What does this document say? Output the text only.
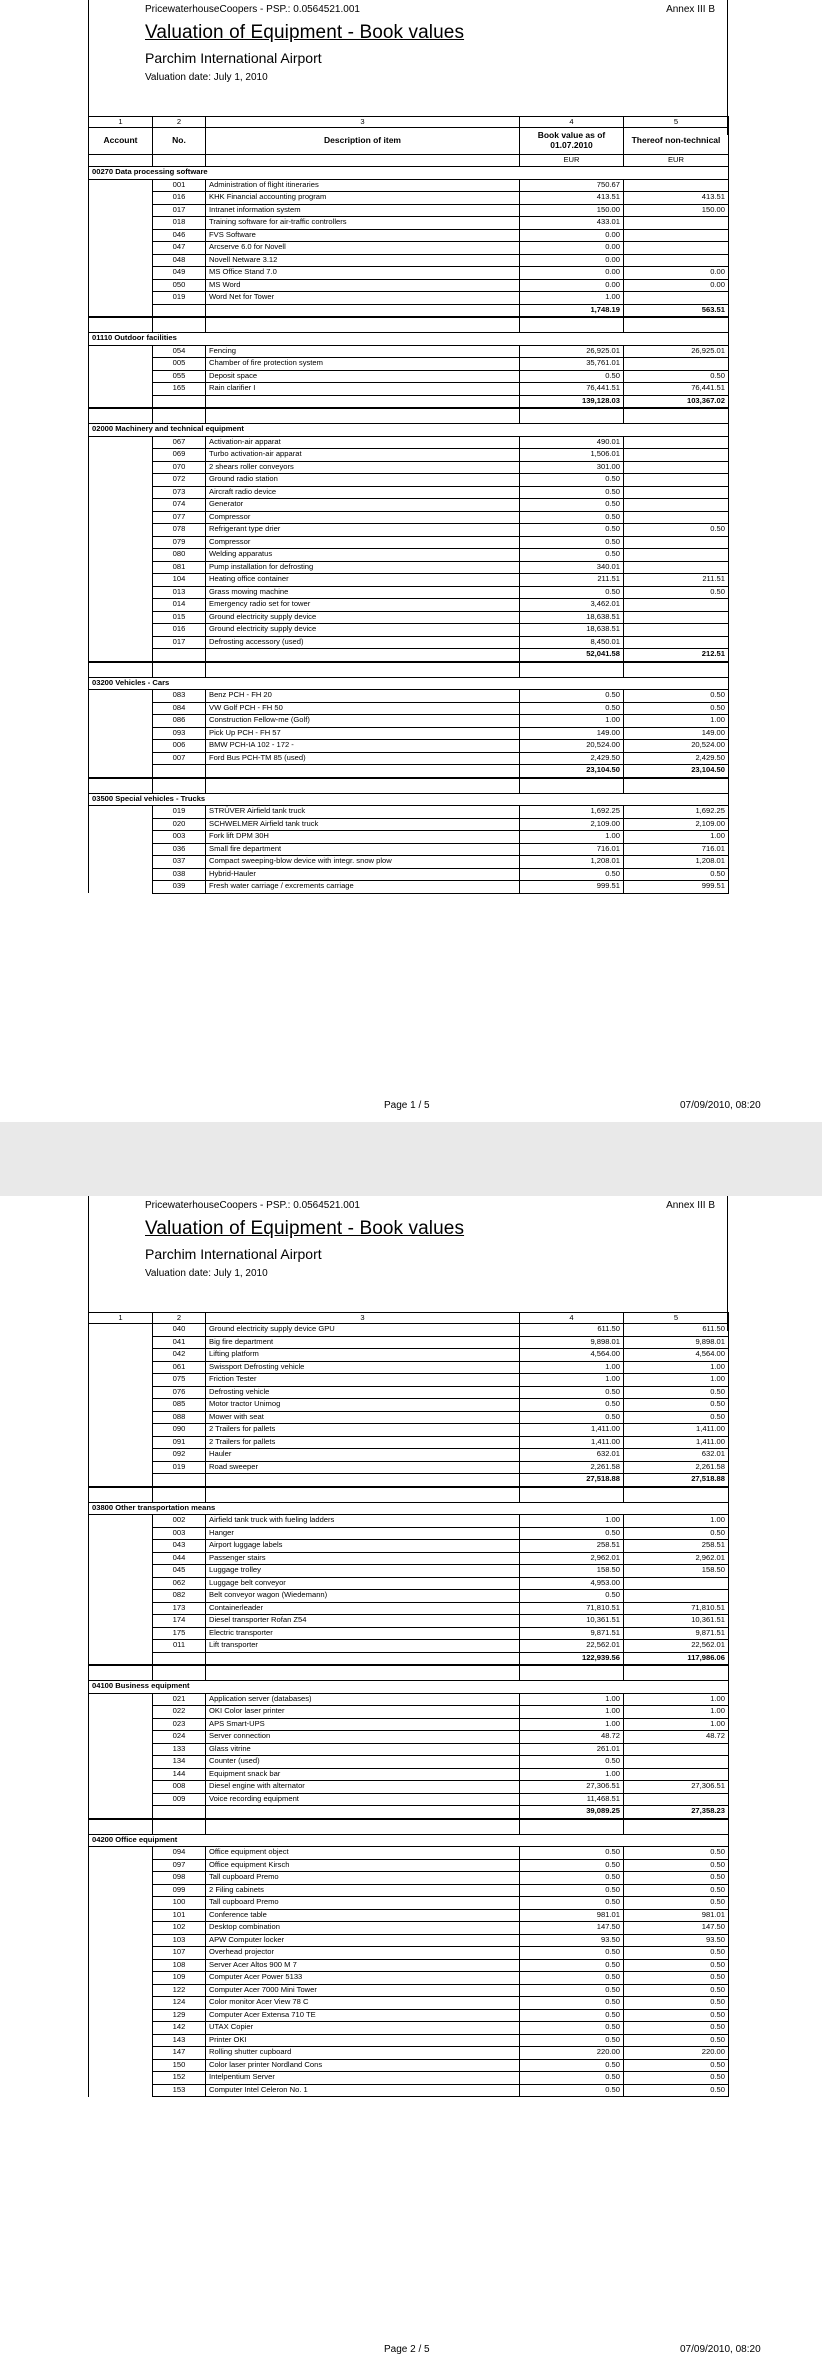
PricewaterhouseCoopers - PSP.: 0.0564521.001	Annex III B
Valuation of Equipment - Book values
Parchim International Airport
Valuation date: July 1, 2010
1	2	3	4	5
Account	No.	Description of item	Book value as of 01.07.2010	Thereof non-technical
			EUR	EUR
00270 Data processing software				
	001	Administration of flight itineraries	750.67	
	016	KHK Financial accounting program	413.51	413.51
	017	Intranet information system	150.00	150.00
	018	Training software for air-traffic controllers	433.01	
	046	FVS Software	0.00	
	047	Arcserve 6.0 for Novell	0.00	
	048	Novell Netware 3.12	0.00	
	049	MS Office Stand 7.0	0.00	0.00
	050	MS Word	0.00	0.00
	019	Word Net for Tower	1.00	
			1,748.19	563.51

01110 Outdoor facilities				
	054	Fencing	26,925.01	26,925.01
	005	Chamber of fire protection system	35,761.01	
	055	Deposit space	0.50	0.50
	165	Rain clarifier I	76,441.51	76,441.51
			139,128.03	103,367.02

02000 Machinery and technical equipment				
	067	Activation-air apparat	490.01	
	069	Turbo activation-air apparat	1,506.01	
	070	2 shears roller conveyors	301.00	
	072	Ground radio station	0.50	
	073	Aircraft radio device	0.50	
	074	Generator	0.50	
	077	Compressor	0.50	
	078	Refrigerant type drier	0.50	0.50
	079	Compressor	0.50	
	080	Welding apparatus	0.50	
	081	Pump installation for defrosting	340.01	
	104	Heating office container	211.51	211.51
	013	Grass mowing machine	0.50	0.50
	014	Emergency radio set for tower	3,462.01	
	015	Ground electricity supply device	18,638.51	
	016	Ground electricity supply device	18,638.51	
	017	Defrosting accessory (used)	8,450.01	
			52,041.58	212.51

03200 Vehicles - Cars				
	083	Benz PCH - FH 20	0.50	0.50
	084	VW Golf PCH - FH 50	0.50	0.50
	086	Construction Fellow-me (Golf)	1.00	1.00
	093	Pick Up PCH - FH 57	149.00	149.00
	006	BMW PCH-IA 102 - 172 -	20,524.00	20,524.00
	007	Ford Bus PCH-TM 85 (used)	2,429.50	2,429.50
			23,104.50	23,104.50

03500 Special vehicles - Trucks				
	019	STRÜVER Airfield tank truck	1,692.25	1,692.25
	020	SCHWELMER Airfield tank truck	2,109.00	2,109.00
	003	Fork lift DPM 30H	1.00	1.00
	036	Small fire department	716.01	716.01
	037	Compact sweeping-blow device with integr. snow plow	1,208.01	1,208.01
	038	Hybrid-Hauler	0.50	0.50
	039	Fresh water carriage / excrements carriage	999.51	999.51
Page 1 / 5	07/09/2010, 08:20
PricewaterhouseCoopers - PSP.: 0.0564521.001	Annex III B
Valuation of Equipment - Book values
Parchim International Airport
Valuation date: July 1, 2010
1	2	3	4	5
	040	Ground electricity supply device GPU	611.50	611.50
	041	Big fire department	9,898.01	9,898.01
	042	Lifting platform	4,564.00	4,564.00
	061	Swissport Defrosting vehicle	1.00	1.00
	075	Friction Tester	1.00	1.00
	076	Defrosting vehicle	0.50	0.50
	085	Motor tractor Unimog	0.50	0.50
	088	Mower with seat	0.50	0.50
	090	2 Trailers for pallets	1,411.00	1,411.00
	091	2 Trailers for pallets	1,411.00	1,411.00
	092	Hauler	632.01	632.01
	019	Road sweeper	2,261.58	2,261.58
			27,518.88	27,518.88

03800 Other transportation means				
	002	Airfield tank truck with fueling ladders	1.00	1.00
	003	Hanger	0.50	0.50
	043	Airport luggage labels	258.51	258.51
	044	Passenger stairs	2,962.01	2,962.01
	045	Luggage trolley	158.50	158.50
	062	Luggage belt conveyor	4,953.00	
	082	Belt conveyor wagon (Wiedemann)	0.50	
	173	Containerleader	71,810.51	71,810.51
	174	Diesel transporter Rofan Z54	10,361.51	10,361.51
	175	Electric transporter	9,871.51	9,871.51
	011	Lift transporter	22,562.01	22,562.01
			122,939.56	117,986.06

04100 Business equipment				
	021	Application server (databases)	1.00	1.00
	022	OKI Color laser printer	1.00	1.00
	023	APS Smart-UPS	1.00	1.00
	024	Server connection	48.72	48.72
	133	Glass vitrine	261.01	
	134	Counter (used)	0.50	
	144	Equipment snack bar	1.00	
	008	Diesel engine with alternator	27,306.51	27,306.51
	009	Voice recording equipment	11,468.51	
			39,089.25	27,358.23

04200 Office equipment				
	094	Office equipment object	0.50	0.50
	097	Office equipment Kirsch	0.50	0.50
	098	Tall cupboard Premo	0.50	0.50
	099	2 Filing cabinets	0.50	0.50
	100	Tall cupboard Premo	0.50	0.50
	101	Conference table	981.01	981.01
	102	Desktop combination	147.50	147.50
	103	APW Computer locker	93.50	93.50
	107	Overhead projector	0.50	0.50
	108	Server Acer Altos 900 M 7	0.50	0.50
	109	Computer Acer Power 5133	0.50	0.50
	122	Computer Acer 7000 Mini Tower	0.50	0.50
	124	Color monitor Acer View 78 C	0.50	0.50
	129	Computer Acer Extensa 710 TE	0.50	0.50
	142	UTAX Copier	0.50	0.50
	143	Printer OKI	0.50	0.50
	147	Rolling shutter cupboard	220.00	220.00
	150	Color laser printer Nordland Cons	0.50	0.50
	152	Intelpentium Server	0.50	0.50
	153	Computer Intel Celeron No. 1	0.50	0.50
Page 2 / 5	07/09/2010, 08:20
